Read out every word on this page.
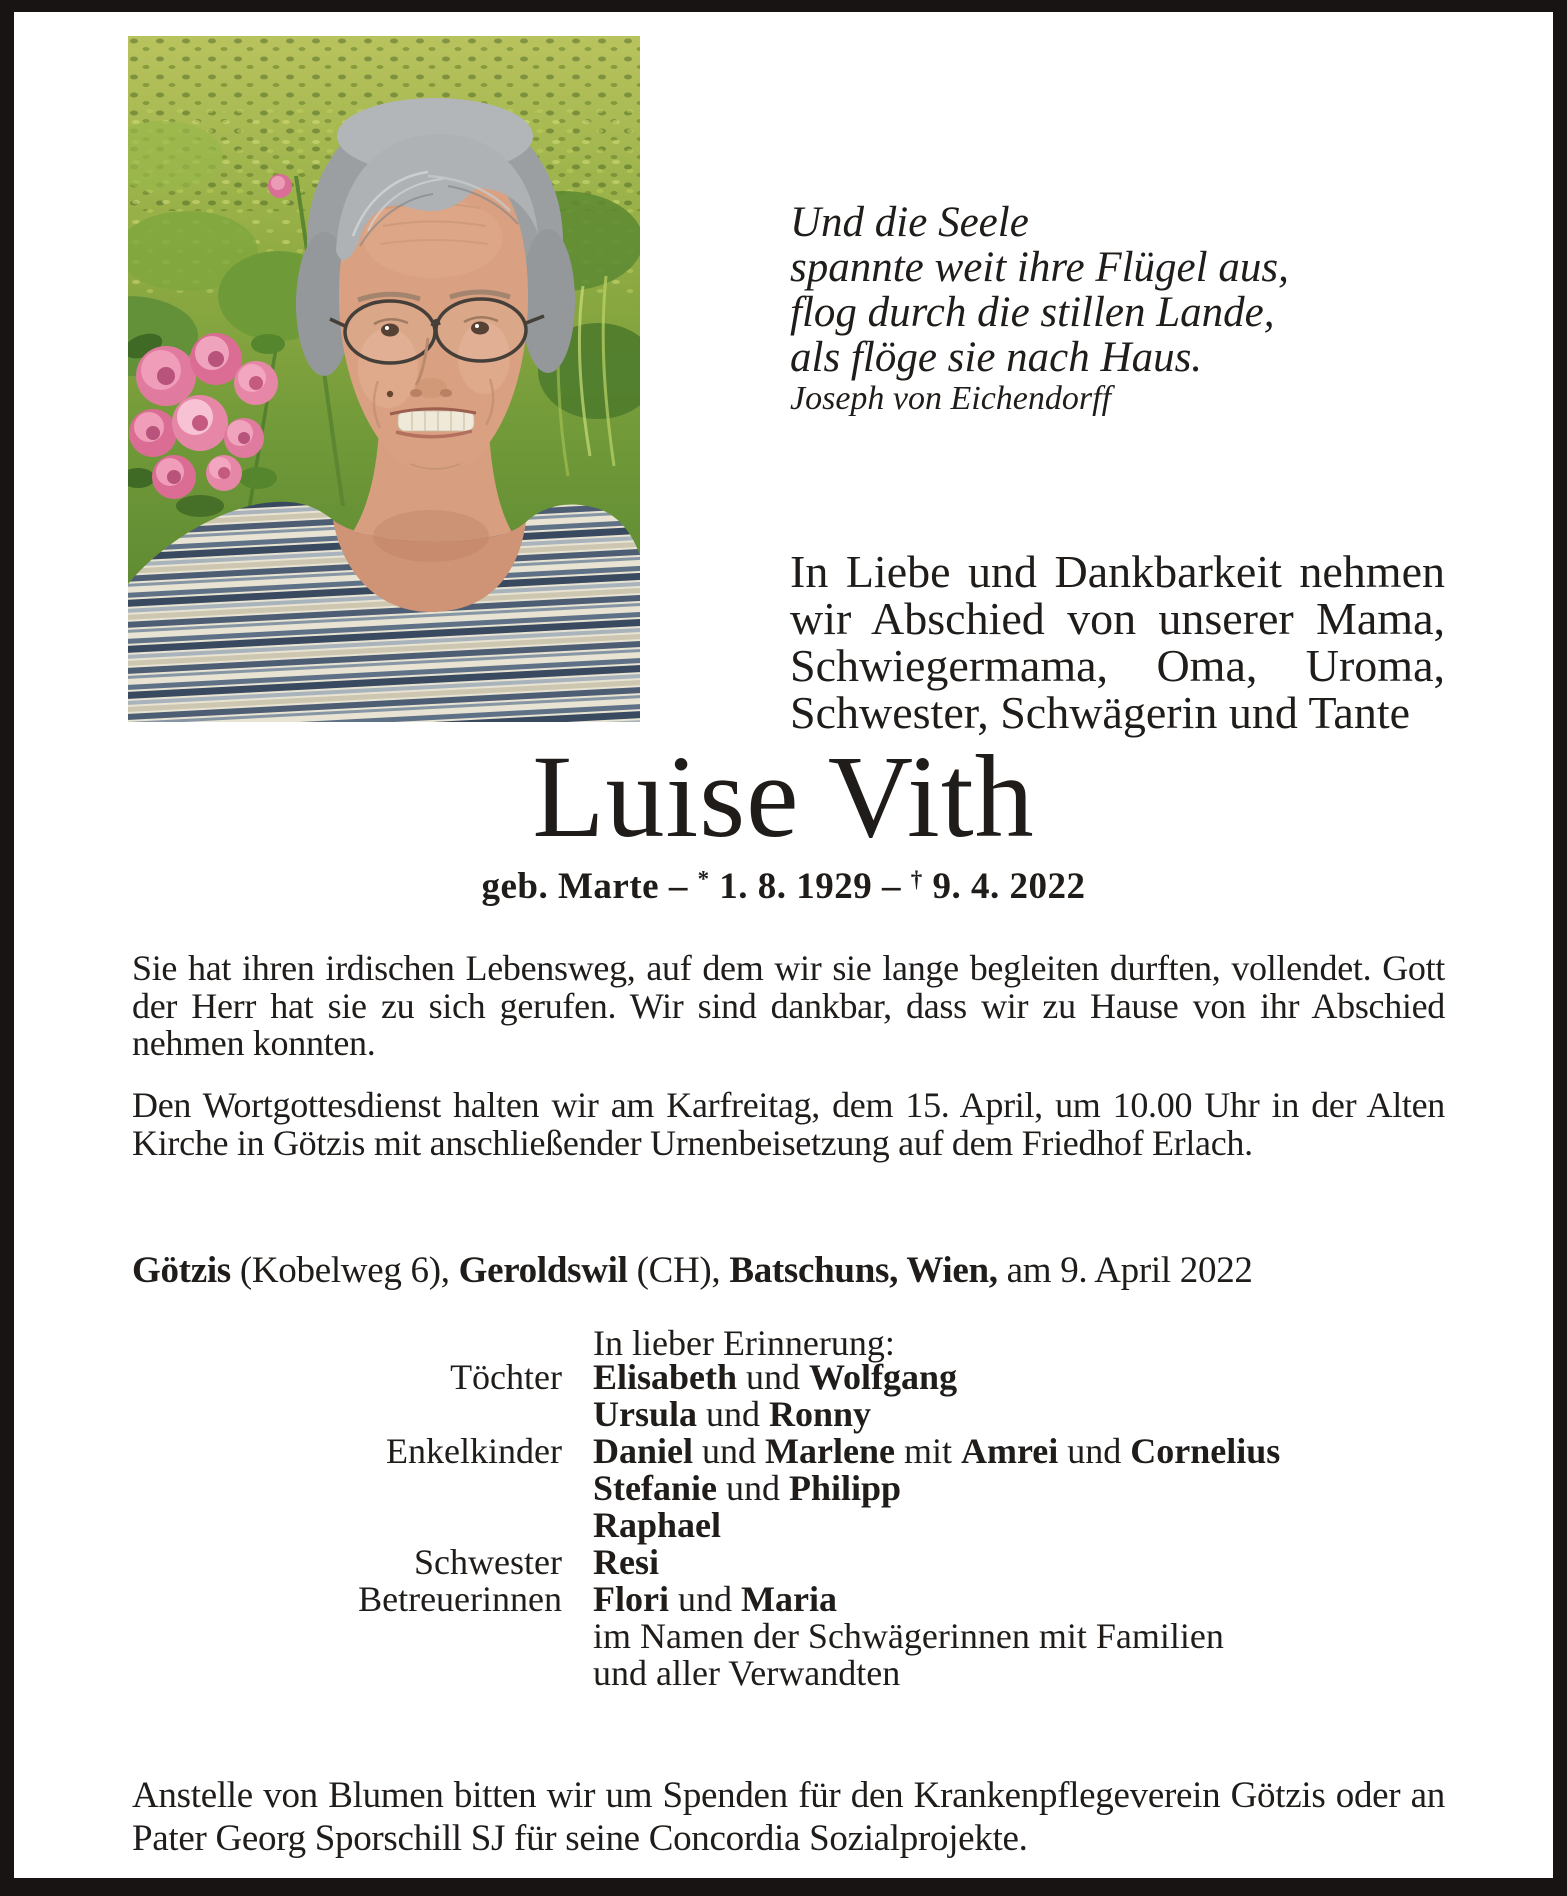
Und die Seele
spannte weit ihre Flügel aus,
flog durch die stillen Lande,
als flöge sie nach Haus.
Joseph von Eichendorff
In Liebe und Dankbarkeit nehmen wir Abschied von unserer Mama, Schwiegermama, Oma, Uroma, Schwester, Schwägerin und Tante
Luise Vith
geb. Marte – * 1. 8. 1929 – † 9. 4. 2022
Sie hat ihren irdischen Lebensweg, auf dem wir sie lange begleiten durften, vollendet. Gott der Herr hat sie zu sich gerufen. Wir sind dankbar, dass wir zu Hause von ihr Abschied nehmen konnten.
Den Wortgottesdienst halten wir am Karfreitag, dem 15. April, um 10.00 Uhr in der Alten Kirche in Götzis mit anschließender Urnenbeisetzung auf dem Friedhof Erlach.
Götzis (Kobelweg 6), Geroldswil (CH), Batschuns, Wien, am 9. April 2022
In lieber Erinnerung:
Töchter Elisabeth und Wolfgang
Ursula und Ronny
Enkelkinder Daniel und Marlene mit Amrei und Cornelius
Stefanie und Philipp
Raphael
Schwester Resi
Betreuerinnen Flori und Maria
im Namen der Schwägerinnen mit Familien
und aller Verwandten
Anstelle von Blumen bitten wir um Spenden für den Krankenpflegeverein Götzis oder an Pater Georg Sporschill SJ für seine Concordia Sozialprojekte.
